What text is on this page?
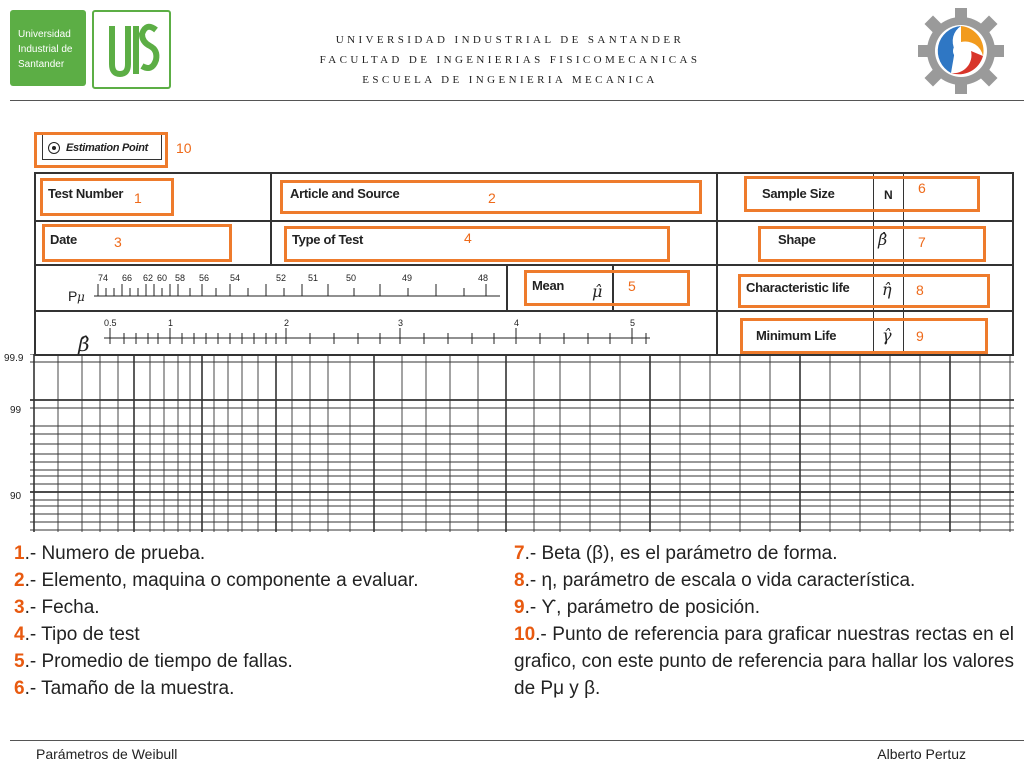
Universidad
Industrial de
Santander
UNIVERSIDAD INDUSTRIAL DE SANTANDER
FACULTAD DE INGENIERIAS FISICOMECANICAS
ESCUELA DE INGENIERIA MECANICA
Estimation Point 10
Test Number 1	Article and Source	2	Sample Size	N 6
Date	3	Type of Test	4	Shape	β̂ 7
Pμ
74 66 62 60 58 56 54	52 51	50	49	48	Mean μ̂ 5	Characteristic life η̂ 8
β̂
0.5	1	2	3	4	5
Minimum Life	γ̂ 9
99.9
99
90
1.- Numero de prueba.
2.- Elemento, maquina o componente a evaluar.
3.- Fecha.
4.- Tipo de test
5.- Promedio de tiempo de fallas.
6.- Tamaño de la muestra.
7.- Beta (β), es el parámetro de forma.
8.- η, parámetro de escala o vida característica.
9.- Ƴ, parámetro de posición.
10.- Punto de referencia para graficar nuestras rectas en el grafico, con este punto de referencia para hallar los valores de Pμ y β.
Parámetros de Weibull	Alberto Pertuz
